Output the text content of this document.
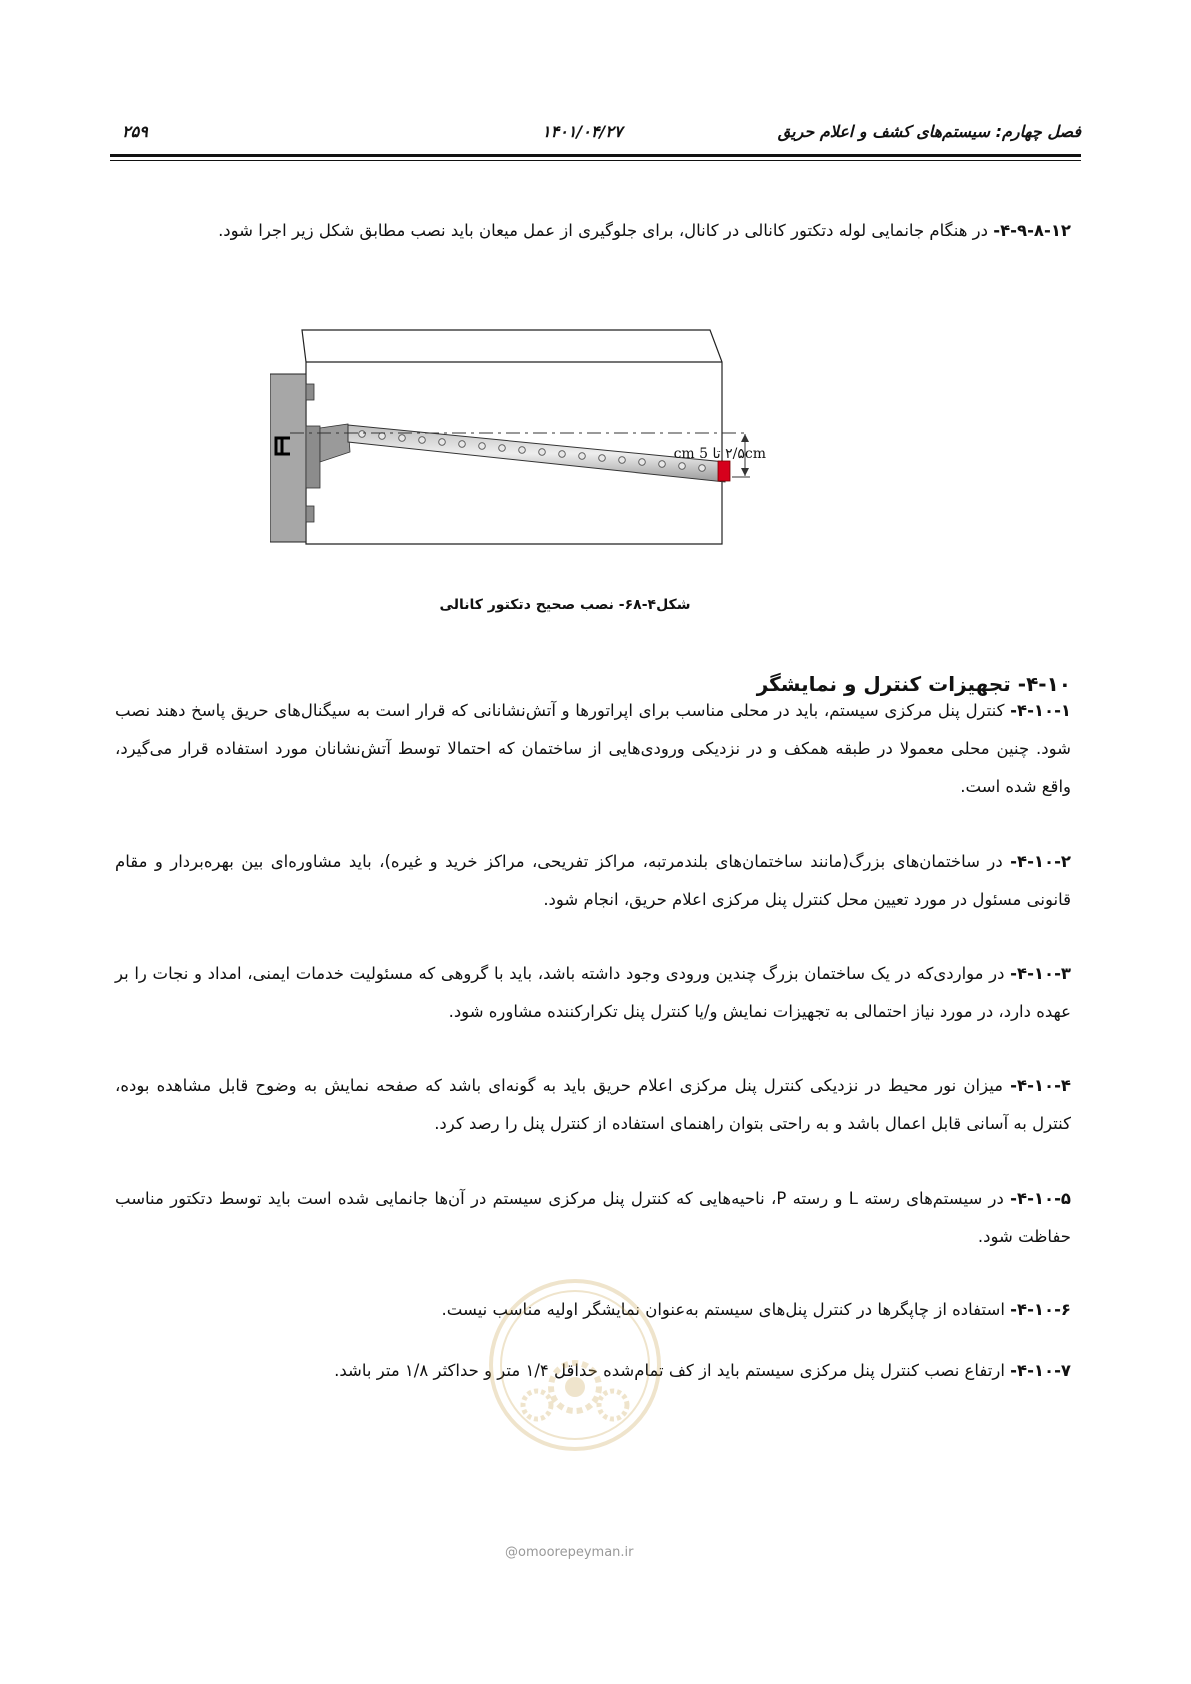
۲۵۹	۱۴۰۱/۰۴/۲۷	فصل چهارم: سیستم‌های کشف و اعلام حریق
۴-۹-۸-۱۲- در هنگام جانمایی لوله دتکتور کانالی در کانال، برای جلوگیری از عمل میعان باید نصب مطابق شکل زیر اجرا شود.
۲/۵cm تا 5 cm
شکل۴-۶۸- نصب صحیح دتکتور کانالی
۴-۱۰- تجهیزات کنترل و نمایشگر
۴-۱۰-۱- کنترل پنل مرکزی سیستم، باید در محلی مناسب برای اپراتورها و آتش‌نشانانی که قرار است به سیگنال‌های حریق پاسخ دهند نصب شود. چنین محلی معمولا در طبقه همکف و در نزدیکی ورودی‌هایی از ساختمان که احتمالا توسط آتش‌نشانان مورد استفاده قرار می‌گیرد، واقع شده است.
۴-۱۰-۲- در ساختمان‌های بزرگ(مانند ساختمان‌های بلندمرتبه، مراکز تفریحی، مراکز خرید و غیره)، باید مشاوره‌ای بین بهره‌بردار و مقام قانونی مسئول در مورد تعیین محل کنترل پنل مرکزی اعلام حریق، انجام شود.
۴-۱۰-۳- در مواردی‌که در یک ساختمان بزرگ چندین ورودی وجود داشته باشد، باید با گروهی که مسئولیت خدمات ایمنی، امداد و نجات را بر عهده دارد، در مورد نیاز احتمالی به تجهیزات نمایش و/یا کنترل پنل تکرارکننده مشاوره شود.
۴-۱۰-۴- میزان نور محیط در نزدیکی کنترل پنل مرکزی اعلام حریق باید به گونه‌ای باشد که صفحه نمایش به وضوح قابل مشاهده بوده، کنترل به آسانی قابل اعمال باشد و به راحتی بتوان راهنمای استفاده از کنترل پنل را رصد کرد.
۴-۱۰-۵- در سیستم‌های رسته L و رسته P، ناحیه‌هایی که کنترل پنل مرکزی سیستم در آن‌ها جانمایی شده است باید توسط دتکتور مناسب حفاظت شود.
۴-۱۰-۶- استفاده از چاپگرها در کنترل پنل‌های سیستم به‌عنوان نمایشگر اولیه مناسب نیست.
۴-۱۰-۷- ارتفاع نصب کنترل پنل مرکزی سیستم باید از کف تمام‌شده حداقل ۱/۴ متر و حداکثر ۱/۸ متر باشد.
@omoorepeyman.ir
